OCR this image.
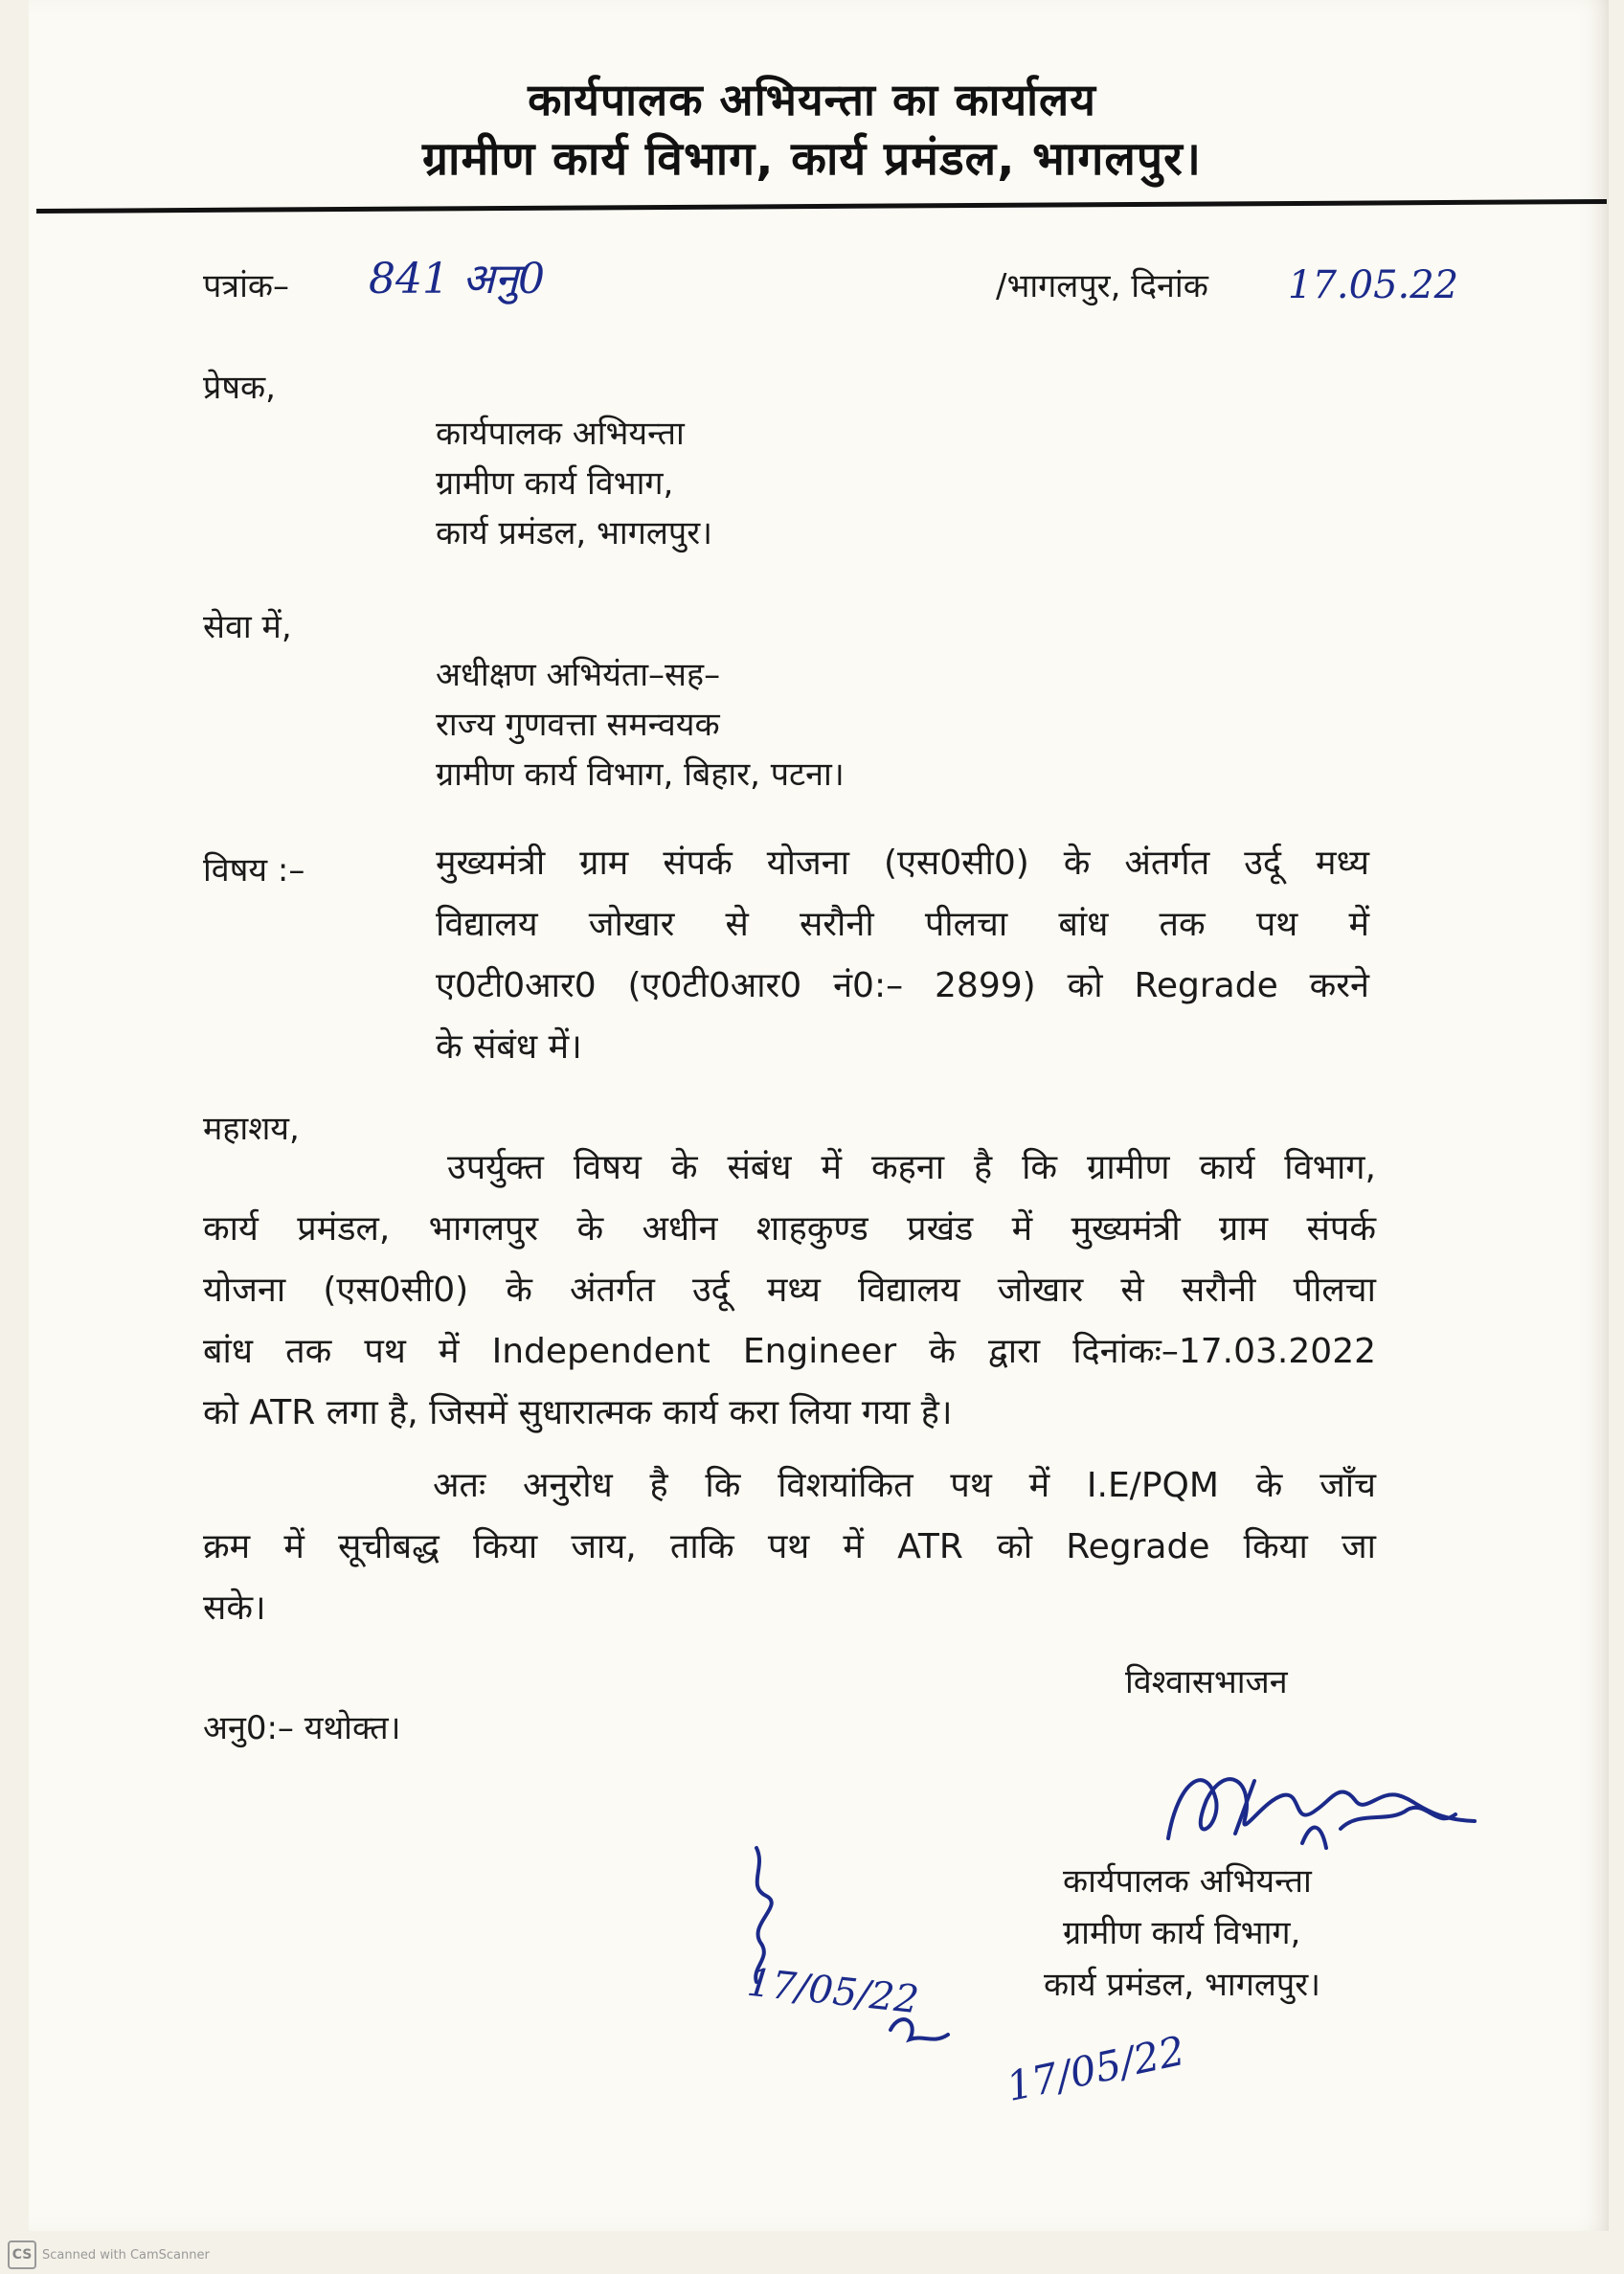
कार्यपालक अभियन्ता का कार्यालय
ग्रामीण कार्य विभाग, कार्य प्रमंडल, भागलपुर।
पत्रांक– 841 अनु0	/भागलपुर, दिनांक 17.05.22
प्रेषक,
कार्यपालक अभियन्ता
ग्रामीण कार्य विभाग,
कार्य प्रमंडल, भागलपुर।
सेवा में,
अधीक्षण अभियंता–सह–
राज्य गुणवत्ता समन्वयक
ग्रामीण कार्य विभाग, बिहार, पटना।
विषय :–	मुख्यमंत्री ग्राम संपर्क योजना (एस0सी0) के अंतर्गत उर्दू मध्य
विद्यालय जोखार से सरौनी पीलचा बांध तक पथ में
ए0टी0आर0 (ए0टी0आर0 नं0:– 2899) को Regrade करने
के संबंध में।
महाशय,
उपर्युक्त विषय के संबंध में कहना है कि ग्रामीण कार्य विभाग,
कार्य प्रमंडल, भागलपुर के अधीन शाहकुण्ड प्रखंड में मुख्यमंत्री ग्राम संपर्क
योजना (एस0सी0) के अंतर्गत उर्दू मध्य विद्यालय जोखार से सरौनी पीलचा
बांध तक पथ में Independent Engineer के द्वारा दिनांकः–17.03.2022
को ATR लगा है, जिसमें सुधारात्मक कार्य करा लिया गया है।
अतः अनुरोध है कि विशयांकित पथ में I.E/PQM के जाँच
क्रम में सूचीबद्ध किया जाय, ताकि पथ में ATR को Regrade किया जा
सके।
विश्वासभाजन
अनु0:– यथोक्त।
कार्यपालक अभियन्ता
ग्रामीण कार्य विभाग,
कार्य प्रमंडल, भागलपुर।
17/05/22
17/05/22
CS Scanned with CamScanner
